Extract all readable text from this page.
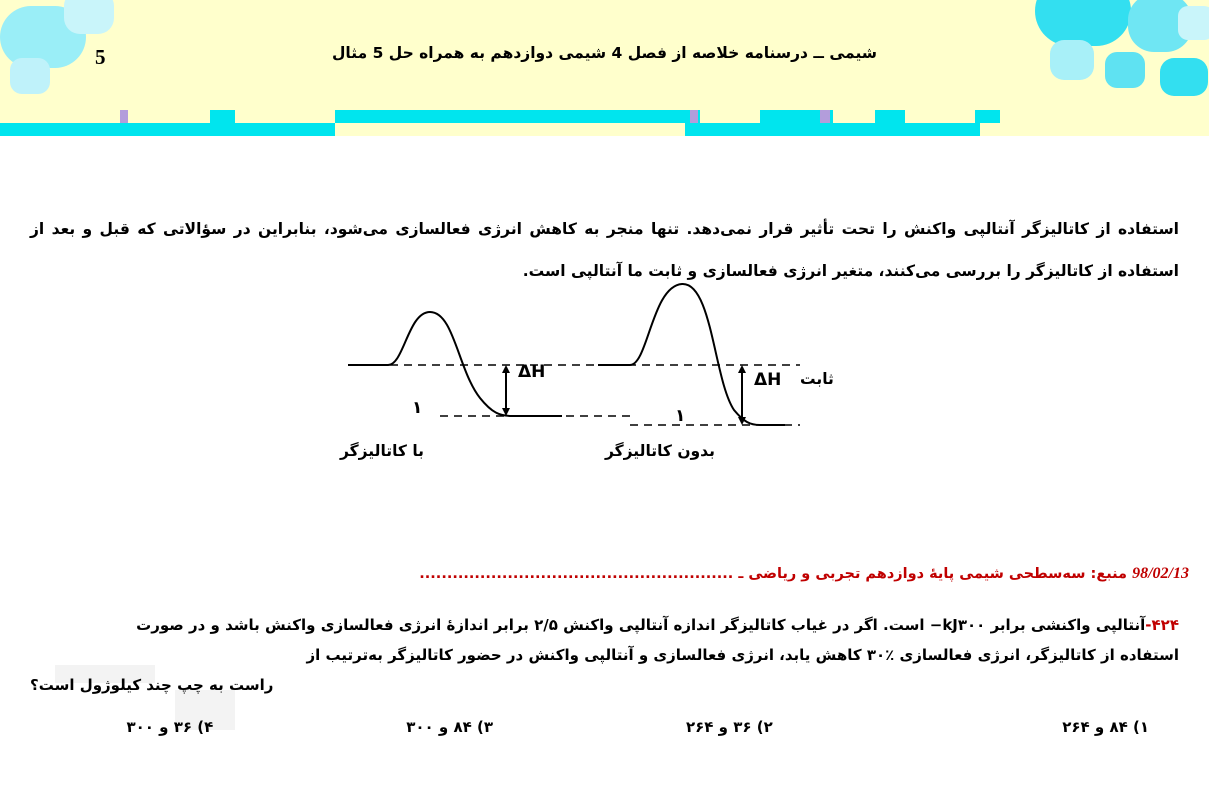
شیمی ــ درسنامه خلاصه از فصل 4 شیمی دوازدهم به همراه حل 5 مثال
5
استفاده از کاتالیزگر آنتالپی واکنش را تحت تأثیر قرار نمی‌دهد. تنها منجر به کاهش انرژی فعالسازی می‌شود، بنابراین در سؤالاتی که قبل و بعد از استفاده از کاتالیزگر را بررسی می‌کنند، متغیر انرژی فعالسازی و ثابت ما آنتالپی است.
ΔH	ΔH ثابت
١	١
با کاتالیزگر	بدون کاتالیزگر
98/02/13 منبع: سه‌سطحی شیمی پایهٔ دوازدهم تجربی و ریاضی ـ .........................................................
۴۲۴-آنتالپی واکنشی برابر kJ۳۰۰− است. اگر در غیاب کاتالیزگر اندازه آنتالپی واکنش ۲/۵ برابر اندازهٔ انرژی فعالسازی واکنش باشد و در صورت
استفاده از کاتالیزگر، انرژی فعالسازی ٪۳۰ کاهش یابد، انرژی فعالسازی و آنتالپی واکنش در حضور کاتالیزگر به‌ترتیب از
راست به چپ چند کیلوژول است؟
۱) ۸۴ و ۲۶۴
۲) ۳۶ و ۲۶۴
۳) ۸۴ و ۳۰۰
۴) ۳۶ و ۳۰۰
